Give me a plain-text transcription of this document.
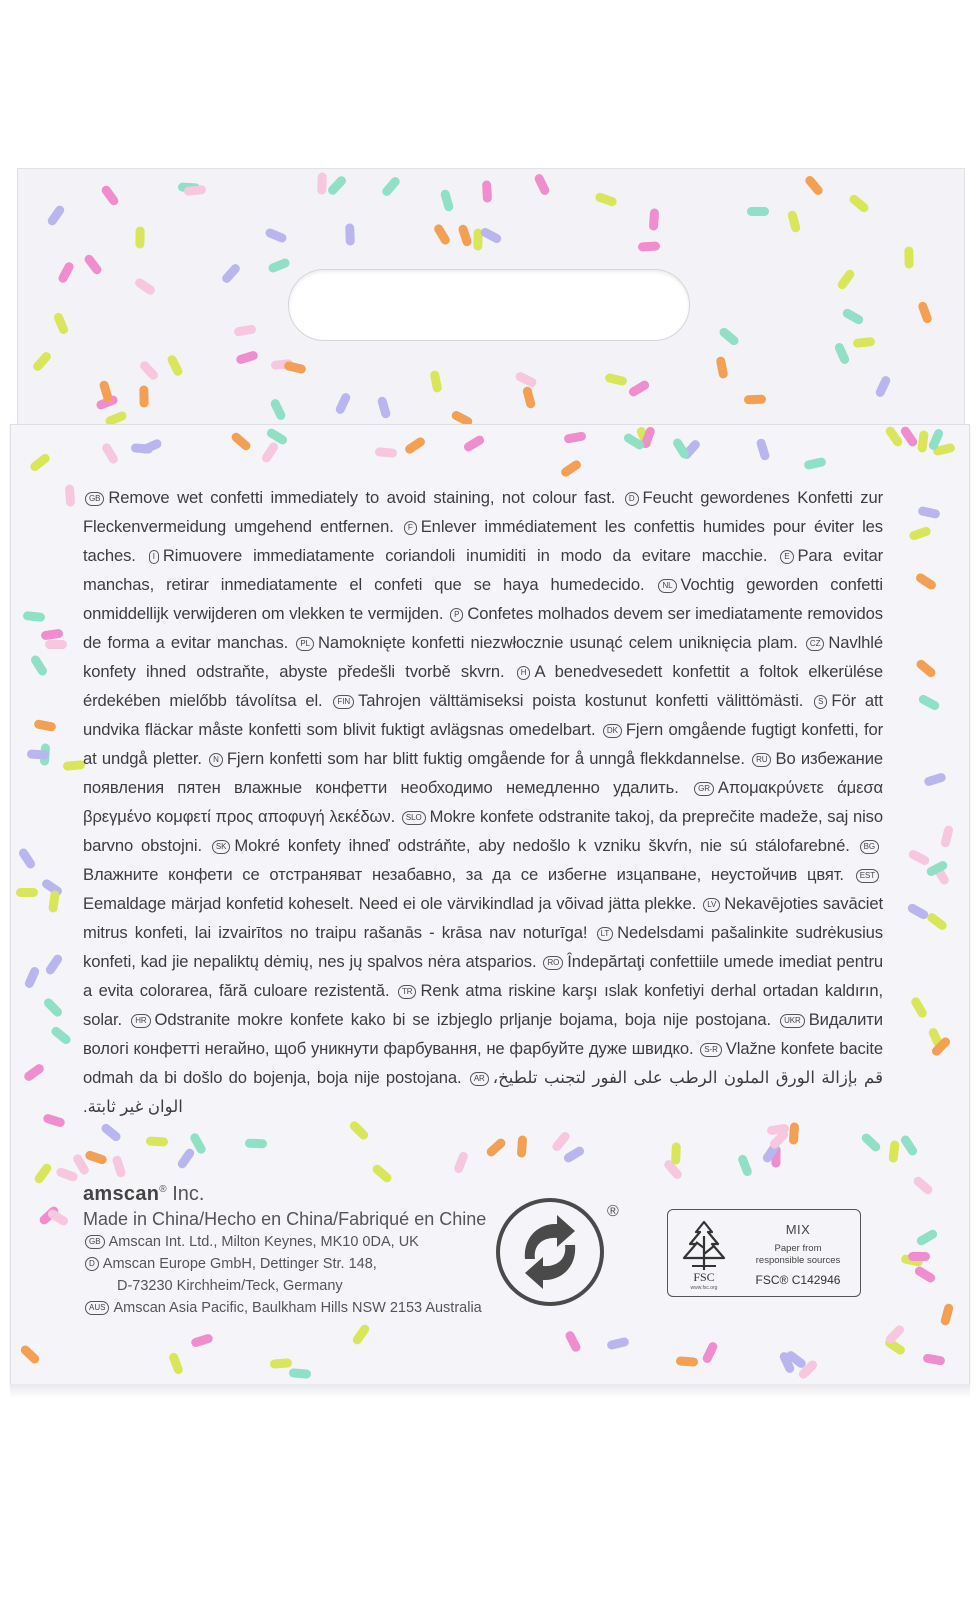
GB Remove wet confetti immediately to avoid staining, not colour fast. D Feucht gewordenes Konfetti zur Fleckenvermeidung umgehend entfernen. F Enlever immédiatement les confettis humides pour éviter les taches. I Rimuovere immediatamente coriandoli inumiditi in modo da evitare macchie. E Para evitar manchas, retirar inmediatamente el confeti que se haya humedecido. NL Vochtig geworden confetti onmiddellijk verwijderen om vlekken te vermijden. P Confetes molhados devem ser imediatamente removidos de forma a evitar manchas. PL Namoknięte konfetti niezwłocznie usunąć celem uniknięcia plam. CZ Navlhlé konfety ihned odstraňte, abyste předešli tvorbě skvrn. H A benedvesedett konfettit a foltok elkerülése érdekében mielőbb távolítsa el. FIN Tahrojen välttämiseksi poista kostunut konfetti välittömästi. S För att undvika fläckar måste konfetti som blivit fuktigt avlägsnas omedelbart. DK Fjern omgående fugtigt konfetti, for at undgå pletter. N Fjern konfetti som har blitt fuktig omgående for å unngå flekkdannelse. RU Во избежание появления пятен влажные конфетти необходимо немедленно удалить. GR Απομακρύνετε άμεσα βρεγμένο κομφετί προς αποφυγή λεκέδων. SLO Mokre konfete odstranite takoj, da preprečite madeže, saj niso barvno obstojni. SK Mokré konfety ihneď odstráňte, aby nedošlo k vzniku škvŕn, nie sú stálofarebné. BGВлажните конфети се отстраняват незабавно, за да се избегне изцапване, неустойчив цвят. ESTEemaldage märjad konfetid koheselt. Need ei ole värvikindlad ja võivad jätta plekke. LV Nekavējoties savāciet mitrus konfeti, lai izvairītos no traipu rašanās - krāsa nav noturīga! LT Nedelsdami pašalinkite sudrėkusius konfeti, kad jie nepaliktų dėmių, nes jų spalvos nėra atsparios. RO Îndepărtaţi confettiile umede imediat pentru a evita colorarea, fără culoare rezistentă. TR Renk atma riskine karşı ıslak konfetiyi derhal ortadan kaldırın, solar. HR Odstranite mokre konfete kako bi se izbjeglo prljanje bojama, boja nije postojana. UKR Видалити вологі конфетті негайно, щоб уникнути фарбування, не фарбуйте дуже швидко. S-R Vlažne konfete bacite odmah da bi došlo do bojenja, boja nije postojana. AR قم بإزالة الورق الملون الرطب على الفور لتجنب تلطيخ، الوان غير ثابتة.
amscan® Inc.
Made in China/Hecho en China/Fabriqué en Chine
GB Amscan Int. Ltd., Milton Keynes, MK10 0DA, UK
D Amscan Europe GmbH, Dettinger Str. 148,
D-73230 Kirchheim/Teck, Germany
AUS Amscan Asia Pacific, Baulkham Hills NSW 2153 Australia
®
FSC
www.fsc.org
MIX
Paper from
responsible sources
FSC® C142946
